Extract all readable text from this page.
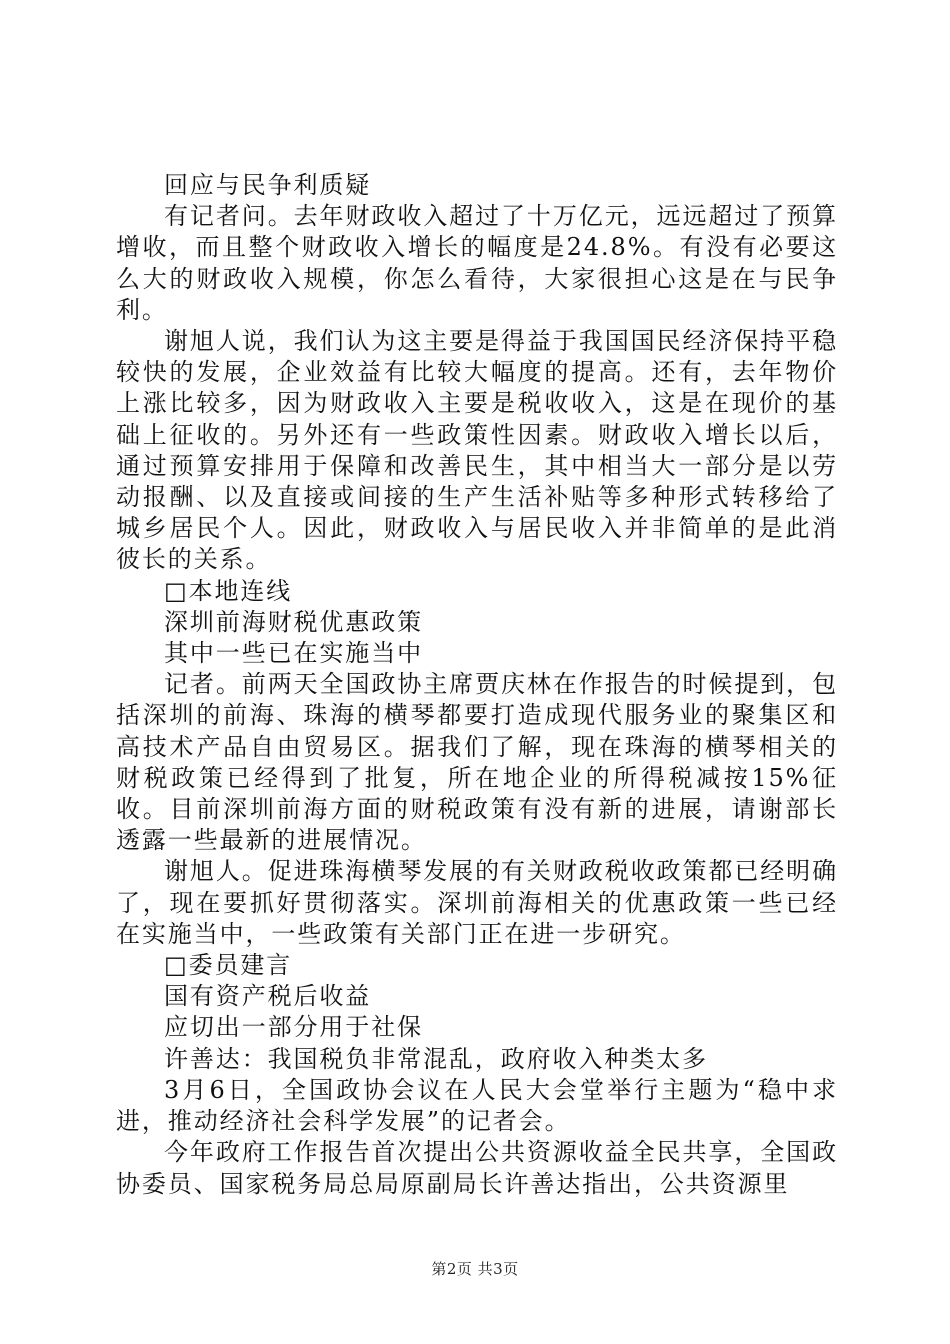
回应与民争利质疑

有记者问。去年财政收入超过了十万亿元，远远超过了预算增收，而且整个财政收入增长的幅度是24.8%。有没有必要这么大的财政收入规模，你怎么看待，大家很担心这是在与民争利。

谢旭人说，我们认为这主要是得益于我国国民经济保持平稳较快的发展，企业效益有比较大幅度的提高。还有，去年物价上涨比较多，因为财政收入主要是税收收入，这是在现价的基础上征收的。另外还有一些政策性因素。财政收入增长以后，通过预算安排用于保障和改善民生，其中相当大一部分是以劳动报酬、以及直接或间接的生产生活补贴等多种形式转移给了城乡居民个人。因此，财政收入与居民收入并非简单的是此消彼长的关系。

□本地连线

深圳前海财税优惠政策

其中一些已在实施当中

记者。前两天全国政协主席贾庆林在作报告的时候提到，包括深圳的前海、珠海的横琴都要打造成现代服务业的聚集区和高技术产品自由贸易区。据我们了解，现在珠海的横琴相关的财税政策已经得到了批复，所在地企业的所得税减按15%征收。目前深圳前海方面的财税政策有没有新的进展，请谢部长透露一些最新的进展情况。

谢旭人。促进珠海横琴发展的有关财政税收政策都已经明确了，现在要抓好贯彻落实。深圳前海相关的优惠政策一些已经在实施当中，一些政策有关部门正在进一步研究。

□委员建言

国有资产税后收益

应切出一部分用于社保

许善达：我国税负非常混乱，政府收入种类太多

3月6日，全国政协会议在人民大会堂举行主题为“稳中求进，推动经济社会科学发展”的记者会。

今年政府工作报告首次提出公共资源收益全民共享，全国政协委员、国家税务局总局原副局长许善达指出，公共资源里

第2页 共3页
